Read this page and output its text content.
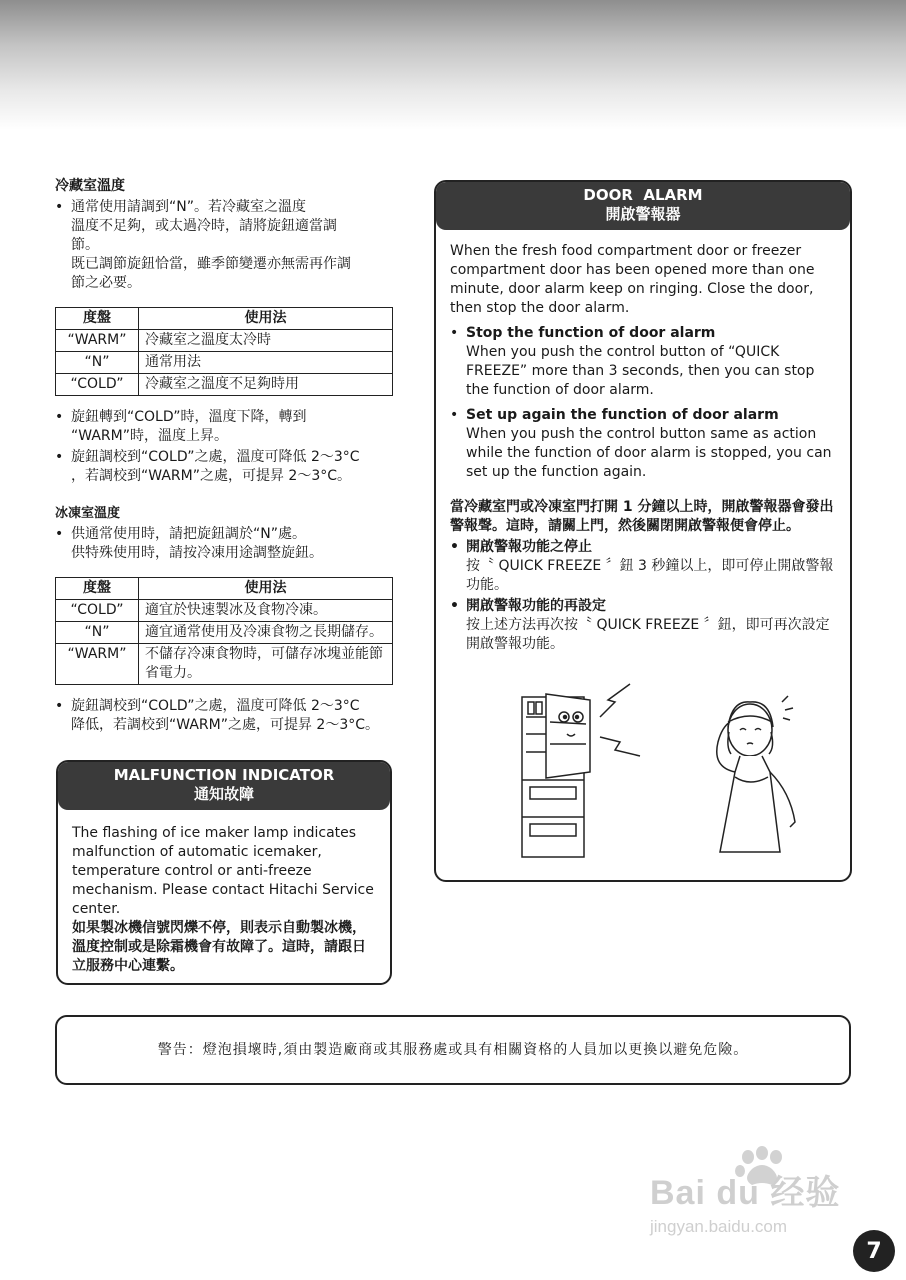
冷藏室溫度
• 通常使用請調到“N”。若冷藏室之溫度
溫度不足夠，或太過冷時，請將旋鈕適當調
節。
既已調節旋鈕恰當，雖季節變遷亦無需再作調
節之必要。
度盤	使用法
“WARM”	冷藏室之溫度太冷時
“N”	通常用法
“COLD”	冷藏室之溫度不足夠時用
• 旋鈕轉到“COLD”時，溫度下降，轉到
“WARM”時，溫度上昇。
• 旋鈕調校到“COLD”之處，溫度可降低 2～3°C
，若調校到“WARM”之處，可提昇 2～3°C。
冰凍室溫度
• 供通常使用時，請把旋鈕調於“N”處。
供特殊使用時，請按冷凍用途調整旋鈕。
度盤	使用法
“COLD”	適宜於快速製冰及食物冷凍。
“N”	適宜通常使用及冷凍食物之長期儲存。
“WARM”	不儲存冷凍食物時，可儲存冰塊並能節省電力。
• 旋鈕調校到“COLD”之處，溫度可降低 2～3°C
降低，若調校到“WARM”之處，可提昇 2～3°C。
MALFUNCTION INDICATOR
通知故障

The flashing of ice maker lamp indicates malfunction of automatic icemaker, temperature control or anti-freeze mechanism. Please contact Hitachi Service center.

如果製冰機信號閃爍不停，則表示自動製冰機，溫度控制或是除霜機會有故障了。這時，請跟日立服務中心連繫。

DOOR  ALARM
開啟警報器

When the fresh food compartment door or freezer compartment door has been opened more than one minute, door alarm keep on ringing. Close the door, then stop the door alarm.

• Stop the function of door alarm
When you push the control button of “QUICK FREEZE” more than 3 seconds, then you can stop the function of door alarm.
• Set up again the function of door alarm
When you push the control button same as action while the function of door alarm is stopped, you can set up the function again.

當冷藏室門或冷凍室門打開 1 分鐘以上時，開啟警報器會發出警報聲。這時，請關上門，然後關閉開啟警報便會停止。

• 開啟警報功能之停止
按〝 QUICK FREEZE 〞鈕 3 秒鐘以上，即可停止開啟警報功能。
• 開啟警報功能的再設定
按上述方法再次按〝 QUICK FREEZE 〞鈕，即可再次設定開啟警報功能。
警告：燈泡損壞時,須由製造廠商或其服務處或具有相關資格的人員加以更換以避免危險。
Bai du 经验
jingyan.baidu.com
7
